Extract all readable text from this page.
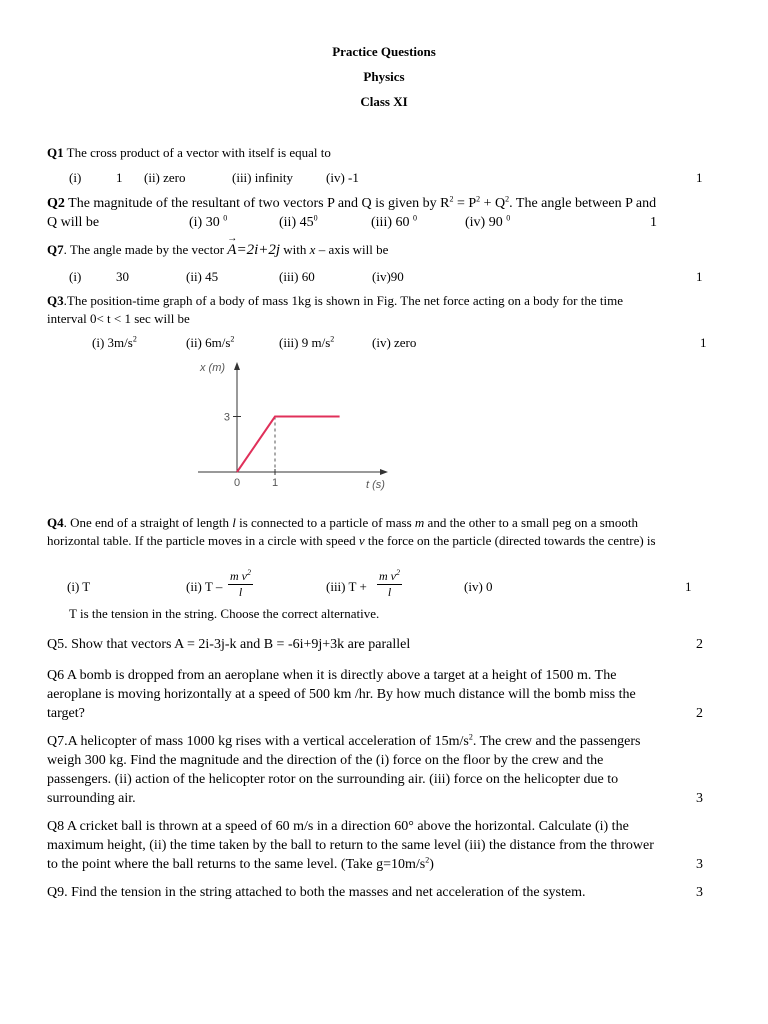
Practice Questions
Physics
Class XI
Q1 The cross product of a vector with itself is equal to
(i)	1 (ii) zero	(iii) infinity	(iv) -1	1
Q2 The magnitude of the resultant of two vectors P and Q is given by $R^2 = P^2 + Q^2$. The angle between P and
Q will be	(i) 30 $^0$	(ii) $45^0$	(iii) 60 $^0$	(iv) 90 $^0$	1
Q7. The angle made by the vector
→
A=2i+2j with x – axis will be
(i)	30	(ii) 45	(iii) 60	(iv)90	1
Q3.The position-time graph of a body of mass 1kg is shown in Fig. The net force acting on a body for the time
interval 0< t < 1 sec will be
(i) $3m/s^2$	(ii) $6m/s^2$	(iii) 9 $m/s^2$	(iv) zero	1
x (m)
t (s)
0	1
3
Q4. One end of a straight of length l is connected to a particle of mass m and the other to a small peg on a smooth
horizontal table. If the particle moves in a circle with speed v the force on the particle (directed towards the centre) is
(i) T	(ii) T – $\frac{m v^2}{l}$	(iii) $T + \frac{m v^2}{l}$	(iv) 0	1
T is the tension in the string. Choose the correct alternative.
Q5. Show that vectors A = 2i-3j-k and B = -6i+9j+3k are parallel	2
Q6 A bomb is dropped from an aeroplane when it is directly above a target at a height of 1500 m. The
aeroplane is moving horizontally at a speed of 500 km /hr. By how much distance will the bomb miss the
target?	2
Q7.A helicopter of mass 1000 kg rises with a vertical acceleration of $15m/s^2$. The crew and the passengers
weigh 300 kg. Find the magnitude and the direction of the (i) force on the floor by the crew and the
passengers. (ii) action of the helicopter rotor on the surrounding air. (iii) force on the helicopter due to
surrounding air.	3
Q8 A cricket ball is thrown at a speed of 60 m/s in a direction 60° above the horizontal. Calculate (i) the
maximum height, (ii) the time taken by the ball to return to the same level (iii) the distance from the thrower
to the point where the ball returns to the same level. (Take $g=10m/s^2$)	3
Q9. Find the tension in the string attached to both the masses and net acceleration of the system.	3
